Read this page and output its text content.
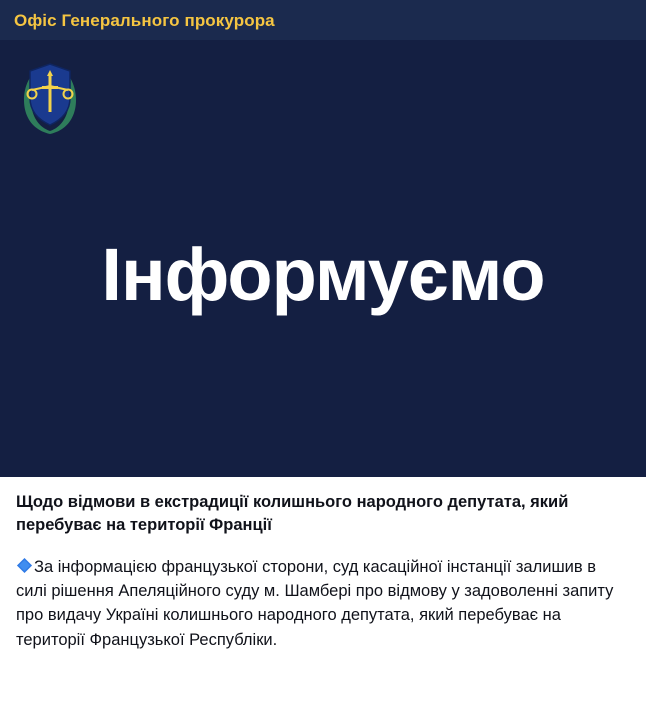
Офіс Генерального прокурора
Інформуємо
Щодо відмови в екстрадиції колишнього народного депутата, який перебуває на території Франції
За інформацією французької сторони, суд касаційної інстанції залишив в силі рішення Апеляційного суду м. Шамбері про відмову у задоволенні запиту про видачу Україні колишнього народного депутата, який перебуває на території Французької Республіки.
